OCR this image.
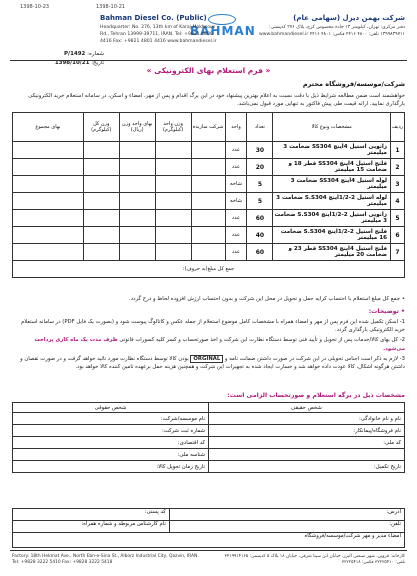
1398-10-23	1398-10-21
شرکت بهمن دیزل (سهامی عام)
Bahman Diesel Co. (Public)
BAHMAN	دفتر مرکزی: تهران، کیلومتر ۱۳ جاده مخصوص کرج، پلاک ۲۷۶ کدپستی: ۱۳۹۹۸۳۹۷۱۱ تلفن: ۴۸۰۰ ۴۴۱۶ فکس: ۴۸۰۱ ۴۴۱۶ www.bahmandiesel.ir
Headquarter: No. 276, 13th km of Karaj Makhsous Rd., Tehran 13999-39711, IRAN. Tel: +9821 4800 4416 Fax: +9821 4801 4416 www.bahmandiesel.ir
شماره: P/1492
تاریخ: 1398/10/21
« فرم استعلام بهای الکترونیکی »
شرکت/موسسه/فروشگاه محترم
خواهشمند است ضمن مطالعه شرایط ذیل با دقت نسبت به اعلام بهترین پیشنهاد خود در این برگ اقدام و پس از مهر، امضاء و اسکن، در سامانه استعلام خرید الکترونیکی بارگذاری نمایید. ارائه قیمت طی پیش فاکتور به تنهایی مورد قبول نمی‌باشد.
ردیف	مشخصات ونوع کالا	تعداد	واحد	شرکت سازنده	وزن واحد (کیلوگرم)	بهای واحد وزن (ریال)	وزن کل (کیلوگرم)	بهای مجموع
1	زانویی استیل 4اینچ SS304 ضخامت 3 میلیمتر	30	عدد					
2	فلنج استیل 4اینچ SS304 قطر 18 و ضخامت 15 میلیمتر	20	عدد					
3	لوله استیل 4اینچ SS304 ضخامت 3 میلیمتر	5	شاخه					
4	لوله استیل 2-1/2اینچ S.S304 ضخامت 3 میلیمتر	5	شاخه					
5	زانویی استیل 2-1/2اینچ S.S304 ضخامت 3 میلیمتر	60	عدد					
6	فلنج استیل 2-1/2اینچ S.S304 ضخامت 16 میلیمتر	40	عدد					
7	فلنج استیل 4اینچ SS304 قطر 23 و ضخامت 20 میلیمتر	60	عدد					
جمع کل مبلغ(به حروف):								
• جمع کل مبلغ استعلام با احتساب کرایه حمل و تحویل در محل این شرکت و بدون احتساب ارزش افزوده لحاظ و درج گردد.
• توضیحات:

1- اسکن تکمیل شده این فرم پس از مهر و امضاء همراه با مشخصات کامل موضوع استعلام از جمله عکس و کاتالوگ پیوست شود و (بصورت یک فایل PDF) در سامانه استعلام خرید الکترونیکی بارگذاری گردد.

2- کل بهای کالا/خدمات پس از تحویل و تأیید فنی توسط دستگاه نظارت این شرکت و اخذ صورتحساب و کسر کلیه کسورات قانونی ظرف مدت یک ماه کاری پرداخت می‌شود.

3- لازم به ذکر است اجناس تحویلی در این شرکت در صورت داشتن ضمانت نامه و ORGINAL بودن کالا توسط دستگاه نظارت مورد تائید خواهد گرفت و در صورت نقصان و داشتن هرگونه اشکال، کالا عودت داده خواهد شد و خسارت ایجاد شده به تجهیزات این شرکت و همچنین هزینه حمل برعهده تامین کننده کالا خواهد بود.

مشخصات ذیل در برگه استعلام و صورتحساب الزامی است:
شخص حقیقی	شخص حقوقی
نام و نام خانوادگی:	نام موسسه/شرکت:
نام فروشگاه/پیمانکار:	شماره ثبت شرکت:
کد ملی:	کد اقتصادی:
	شناسه ملی:
تاریخ تکمیل:	تاریخ زمان تحویل کالا:
آدرس:	کد پستی:
تلفن:	نام کارشناس مربوطه و شماره همراه:
امضاء مدیر و مهر شرکت/موسسه/فروشگاه	
کارخانه: قزوین، شهر صنعتی البرز، خیابان ابن سینا شرقی، خیابان ۱۸ پلاک ۵ کدپستی: ۳۴۱۹۹۱۴۱۶۵ تلفن: ۳۲۲۲۵۴۱۰ فکس: ۳۲۲۲۵۴۱۸
Factory: 18th Hekmat Ave., North Ebn-e-Sina St., Alborz Industrial City, Qazvin, IRAN. Tel: +9828 3222 5410 Fax: +9828 3222 5418
